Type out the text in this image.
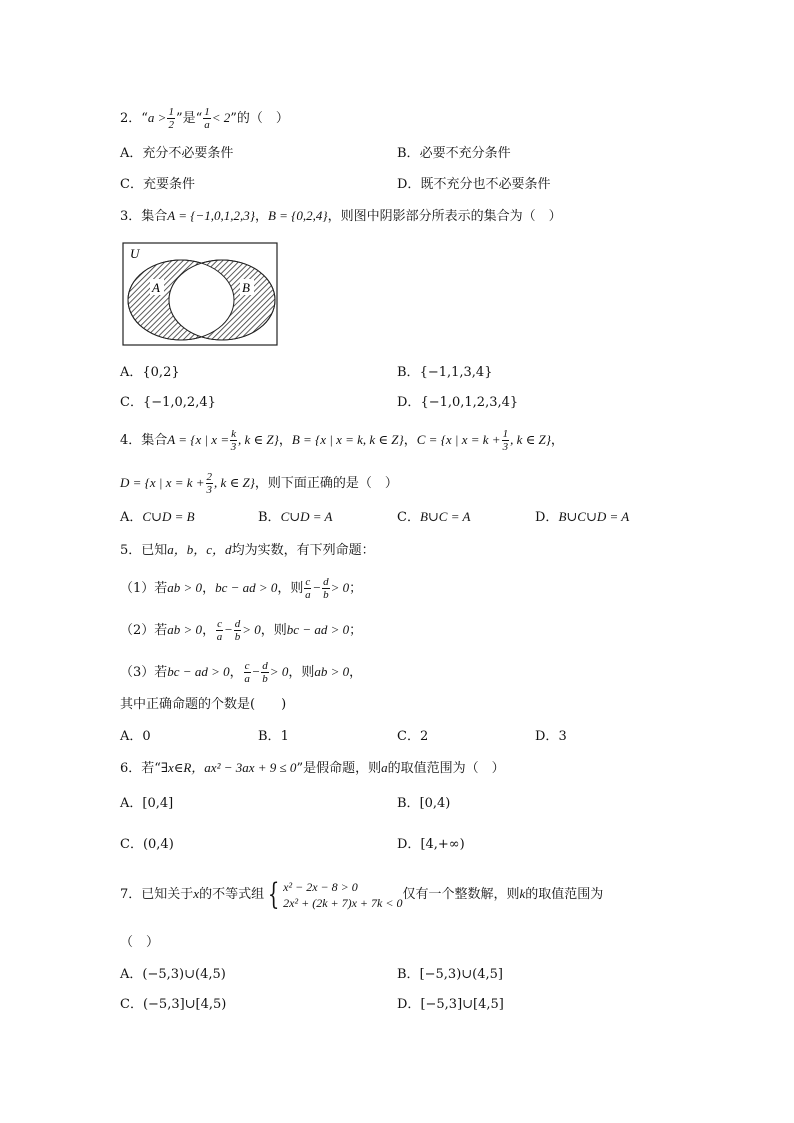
2．“$a > \frac{1}{2}$ ”是“ $\frac{1}{a} < 2$”的（　）
A．充分不必要条件	B．必要不充分条件
C．充要条件	D．既不充分也不必要条件
3．集合A = {−1,0,1,2,3}，B = {0,2,4}，则图中阴影部分所表示的集合为（　）
U
A	B
A．{0,2}	B．{−1,1,3,4}
C．{−1,0,2,4}	D．{−1,0,1,2,3,4}
4．集合A = {x | $x = \frac{k}{3}$ , k ∈ Z}，B = {x | x = k, k ∈ Z}，C = {x | $x = k + \frac{1}{3}$ , k ∈ Z}，
D = {x | $x = k + \frac{2}{3}$ , k ∈ Z}，则下面正确的是（　）
A．C∪D = B	B．C∪D = A	C．B∪C = A	D．B∪C∪D = A
5．已知a，b，c，d均为实数，有下列命题：
（1）若ab > 0，bc − ad > 0，则 $\frac{c}{a} - \frac{d}{b} > 0$；
（2）若ab > 0， $\frac{c}{a} - \frac{d}{b} > 0$，则bc − ad > 0；
（3）若bc − ad > 0， $\frac{c}{a} - \frac{d}{b} > 0$，则ab > 0，
其中正确命题的个数是(　　)
A．0	B．1	C．2	D．3
6．若“∃x∈R，ax² − 3ax + 9 ≤ 0”是假命题，则a的取值范围为（　）
A．[0,4]	B．[0,4)
C．(0,4)	D．[4,+∞)
7．已知关于x的不等式组 { x² − 2x − 8 > 0
2x² + (2k + 7)x + 7k < 0
仅有一个整数解，则k的取值范围为
（　）
A．(−5,3)∪(4,5)	B．[−5,3)∪(4,5]
C．(−5,3]∪[4,5)	D．[−5,3]∪[4,5]
